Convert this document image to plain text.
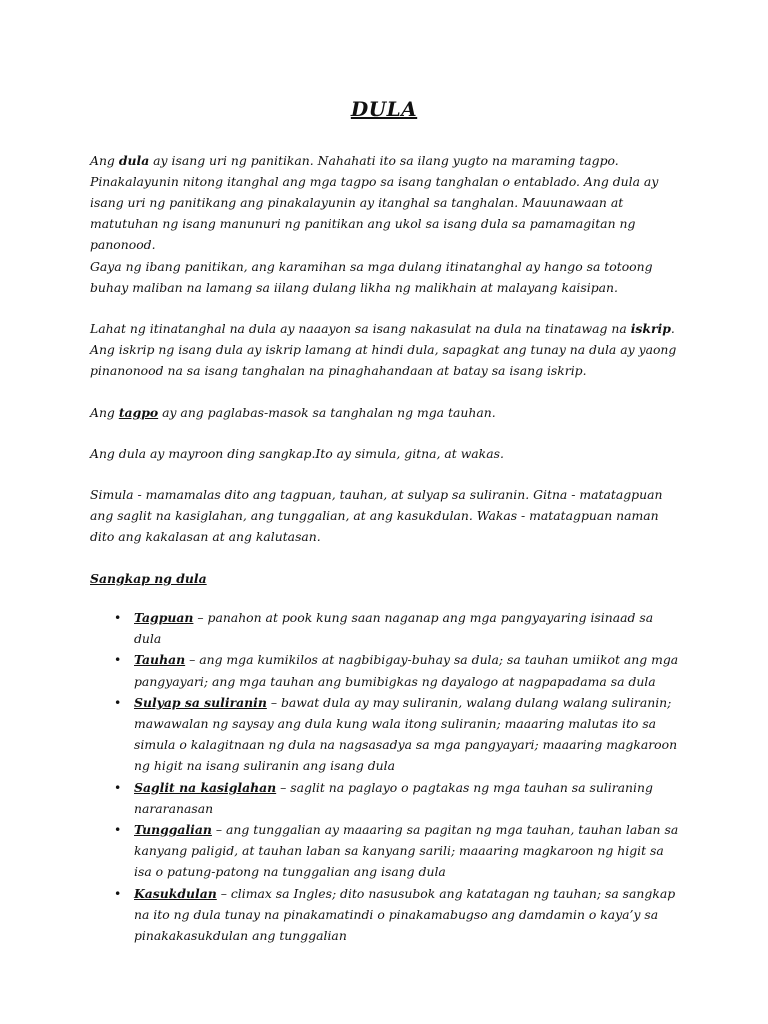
DULA

Ang dula ay isang uri ng panitikan. Nahahati ito sa ilang yugto na maraming tagpo. Pinakalayunin nitong itanghal ang mga tagpo sa isang tanghalan o entablado. Ang dula ay isang uri ng panitikang ang pinakalayunin ay itanghal sa tanghalan. Mauunawaan at matutuhan ng isang manunuri ng panitikan ang ukol sa isang dula sa pamamagitan ng panonood.

Gaya ng ibang panitikan, ang karamihan sa mga dulang itinatanghal ay hango sa totoong buhay maliban na lamang sa iilang dulang likha ng malikhain at malayang kaisipan.

Lahat ng itinatanghal na dula ay naaayon sa isang nakasulat na dula na tinatawag na iskrip. Ang iskrip ng isang dula ay iskrip lamang at hindi dula, sapagkat ang tunay na dula ay yaong pinanonood na sa isang tanghalan na pinaghahandaan at batay sa isang iskrip.

Ang tagpo ay ang paglabas-masok sa tanghalan ng mga tauhan.

Ang dula ay mayroon ding sangkap.Ito ay simula, gitna, at wakas.

Simula - mamamalas dito ang tagpuan, tauhan, at sulyap sa suliranin. Gitna - matatagpuan ang saglit na kasiglahan, ang tunggalian, at ang kasukdulan. Wakas - matatagpuan naman dito ang kakalasan at ang kalutasan.

Sangkap ng dula

• Tagpuan – panahon at pook kung saan naganap ang mga pangyayaring isinaad sa dula
• Tauhan – ang mga kumikilos at nagbibigay-buhay sa dula; sa tauhan umiikot ang mga pangyayari; ang mga tauhan ang bumibigkas ng dayalogo at nagpapadama sa dula
• Sulyap sa suliranin – bawat dula ay may suliranin, walang dulang walang suliranin; mawawalan ng saysay ang dula kung wala itong suliranin; maaaring malutas ito sa simula o kalagitnaan ng dula na nagsasadya sa mga pangyayari; maaaring magkaroon ng higit na isang suliranin ang isang dula
• Saglit na kasiglahan – saglit na paglayo o pagtakas ng mga tauhan sa suliraning nararanasan
• Tunggalian – ang tunggalian ay maaaring sa pagitan ng mga tauhan, tauhan laban sa kanyang paligid, at tauhan laban sa kanyang sarili; maaaring magkaroon ng higit sa isa o patung-patong na tunggalian ang isang dula
• Kasukdulan – climax sa Ingles; dito nasusubok ang katatagan ng tauhan; sa sangkap na ito ng dula tunay na pinakamatindi o pinakamabugso ang damdamin o kaya’y sa pinakakasukdulan ang tunggalian
